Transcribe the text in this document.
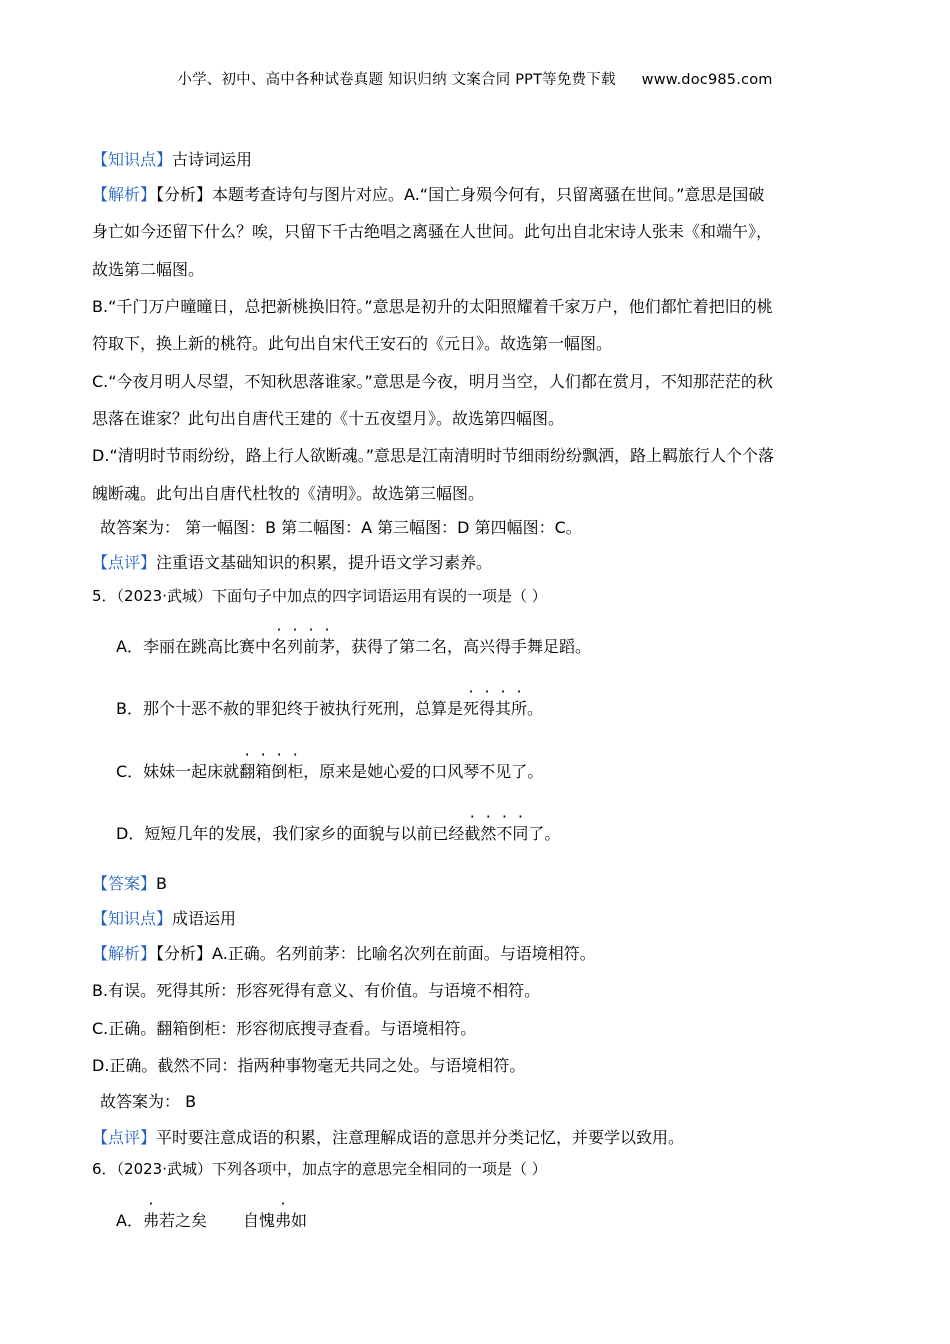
小学、初中、高中各种试卷真题 知识归纳 文案合同 PPT等免费下载 www.doc985.com
【知识点】古诗词运用
【解析】【分析】本题考查诗句与图片对应。A.“国亡身殒今何有，只留离骚在世间。”意思是国破
身亡如今还留下什么？唉，只留下千古绝唱之离骚在人世间。此句出自北宋诗人张耒《和端午》，
故选第二幅图。
B.“千门万户曈曈日，总把新桃换旧符。”意思是初升的太阳照耀着千家万户，他们都忙着把旧的桃
符取下，换上新的桃符。此句出自宋代王安石的《元日》。故选第一幅图。
C.“今夜月明人尽望，不知秋思落谁家。”意思是今夜，明月当空，人们都在赏月，不知那茫茫的秋
思落在谁家？此句出自唐代王建的《十五夜望月》。故选第四幅图。
D.“清明时节雨纷纷，路上行人欲断魂。”意思是江南清明时节细雨纷纷飘洒，路上羁旅行人个个落
魄断魂。此句出自唐代杜牧的《清明》。故选第三幅图。
故答案为： 第一幅图：B 第二幅图：A 第三幅图：D 第四幅图：C。
【点评】注重语文基础知识的积累，提升语文学习素养。
5．（2023·武城）下面句子中加点的四字词语运用有误的一项是（ ）
A．李丽在跳高比赛中名列前茅，获得了第二名，高兴得手舞足蹈。
B．那个十恶不赦的罪犯终于被执行死刑，总算是死得其所。
C．妹妹一起床就翻箱倒柜，原来是她心爱的口风琴不见了。
D．短短几年的发展，我们家乡的面貌与以前已经截然不同了。
【答案】B
【知识点】成语运用
【解析】【分析】A.正确。名列前茅：比喻名次列在前面。与语境相符。
B.有误。死得其所：形容死得有意义、有价值。与语境不相符。
C.正确。翻箱倒柜：形容彻底搜寻查看。与语境相符。
D.正确。截然不同：指两种事物毫无共同之处。与语境相符。
故答案为： B
【点评】平时要注意成语的积累，注意理解成语的意思并分类记忆，并要学以致用。
6．（2023·武城）下列各项中，加点字的意思完全相同的一项是（ ）
A．弗若之矣 自愧弗如
